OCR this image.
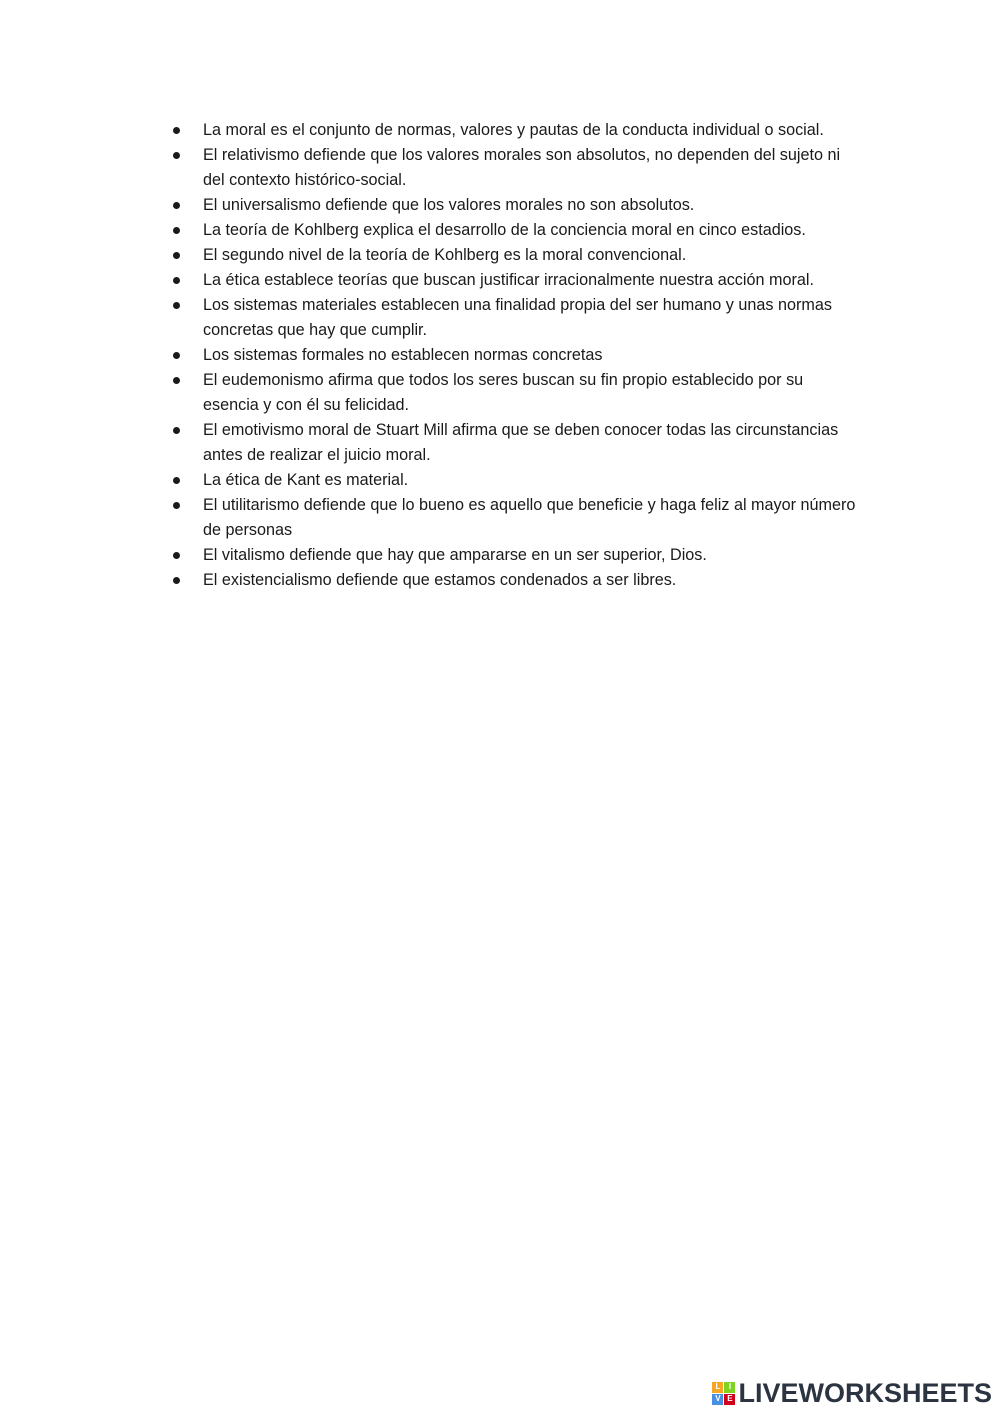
La moral es el conjunto de normas, valores y pautas de la conducta individual o social.
El relativismo defiende que los valores morales son absolutos, no dependen del sujeto ni del contexto histórico-social.
El universalismo defiende que los valores morales no son absolutos.
La teoría de Kohlberg explica el desarrollo de la conciencia moral en cinco estadios.
El segundo nivel de la teoría de Kohlberg es la moral convencional.
La ética establece teorías que buscan justificar irracionalmente nuestra acción moral.
Los sistemas materiales establecen una finalidad propia del ser humano y unas normas concretas que hay que cumplir.
Los sistemas formales no establecen normas concretas
El eudemonismo afirma que todos los seres buscan su fin propio establecido por su esencia y con él su felicidad.
El emotivismo moral de Stuart Mill afirma que se deben conocer todas las circunstancias antes de realizar el juicio moral.
La ética de Kant es material.
El utilitarismo defiende que lo bueno es aquello que beneficie y haga feliz al mayor número de personas
El vitalismo defiende que hay que ampararse en un ser superior, Dios.
El existencialismo defiende que estamos condenados a ser libres.
L	I
V E LIVEWORKSHEETS
